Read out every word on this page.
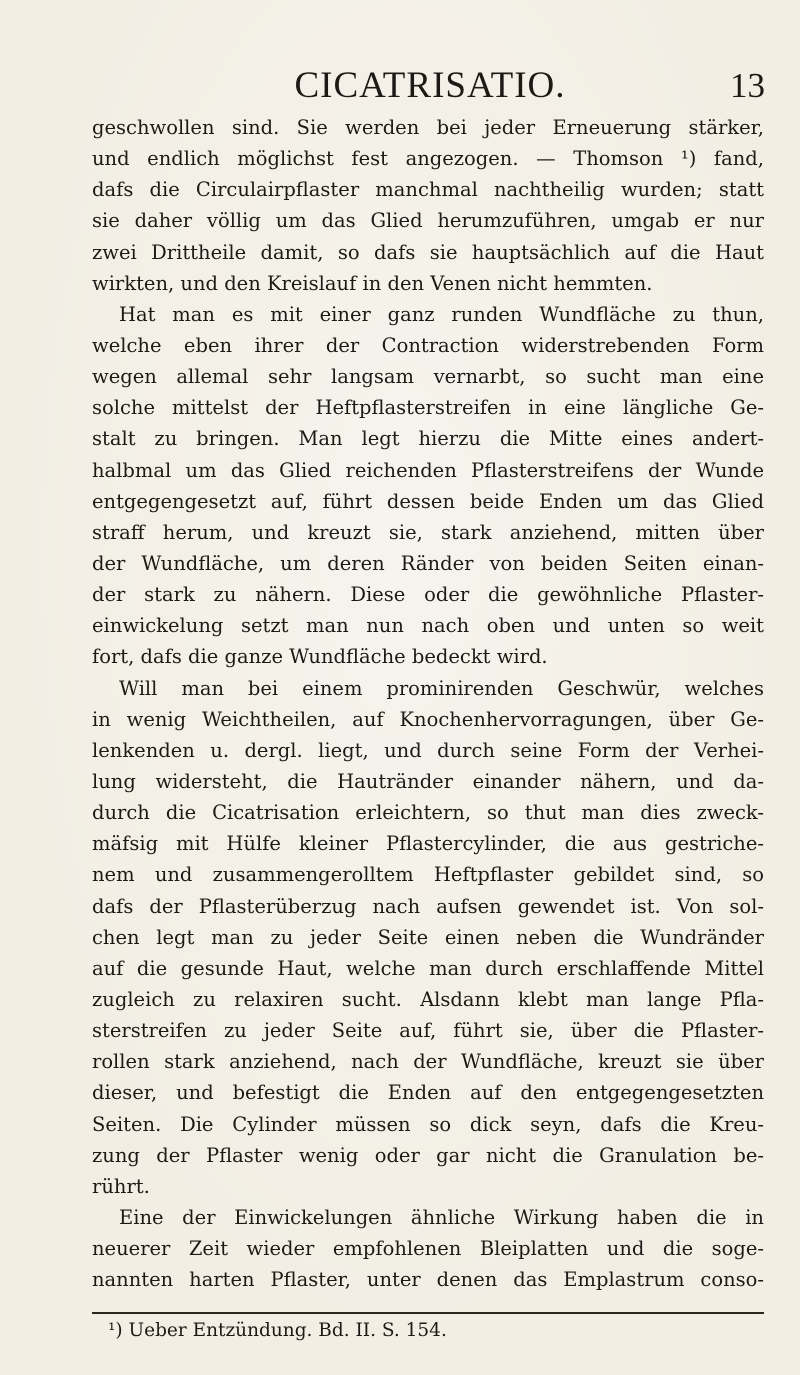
CICATRISATIO.	13
geschwollen sind. Sie werden bei jeder Erneuerung stärker,
und endlich möglichst fest angezogen. — Thomson ¹) fand,
dafs die Circulairpflaster manchmal nachtheilig wurden; statt
sie daher völlig um das Glied herumzuführen, umgab er nur
zwei Drittheile damit, so dafs sie hauptsächlich auf die Haut
wirkten, und den Kreislauf in den Venen nicht hemmten.
Hat man es mit einer ganz runden Wundfläche zu thun,
welche eben ihrer der Contraction widerstrebenden Form
wegen allemal sehr langsam vernarbt, so sucht man eine
solche mittelst der Heftpflasterstreifen in eine längliche Ge-
stalt zu bringen. Man legt hierzu die Mitte eines andert-
halbmal um das Glied reichenden Pflasterstreifens der Wunde
entgegengesetzt auf, führt dessen beide Enden um das Glied
straff herum, und kreuzt sie, stark anziehend, mitten über
der Wundfläche, um deren Ränder von beiden Seiten einan-
der stark zu nähern. Diese oder die gewöhnliche Pflaster-
einwickelung setzt man nun nach oben und unten so weit
fort, dafs die ganze Wundfläche bedeckt wird.
Will man bei einem prominirenden Geschwür, welches
in wenig Weichtheilen, auf Knochenhervorragungen, über Ge-
lenkenden u. dergl. liegt, und durch seine Form der Verhei-
lung widersteht, die Hautränder einander nähern, und da-
durch die Cicatrisation erleichtern, so thut man dies zweck-
mäfsig mit Hülfe kleiner Pflastercylinder, die aus gestriche-
nem und zusammengerolltem Heftpflaster gebildet sind, so
dafs der Pflasterüberzug nach aufsen gewendet ist. Von sol-
chen legt man zu jeder Seite einen neben die Wundränder
auf die gesunde Haut, welche man durch erschlaffende Mittel
zugleich zu relaxiren sucht. Alsdann klebt man lange Pfla-
sterstreifen zu jeder Seite auf, führt sie, über die Pflaster-
rollen stark anziehend, nach der Wundfläche, kreuzt sie über
dieser, und befestigt die Enden auf den entgegengesetzten
Seiten. Die Cylinder müssen so dick seyn, dafs die Kreu-
zung der Pflaster wenig oder gar nicht die Granulation be-
rührt.
Eine der Einwickelungen ähnliche Wirkung haben die in
neuerer Zeit wieder empfohlenen Bleiplatten und die soge-
nannten harten Pflaster, unter denen das Emplastrum conso-
¹) Ueber Entzündung. Bd. II. S. 154.
